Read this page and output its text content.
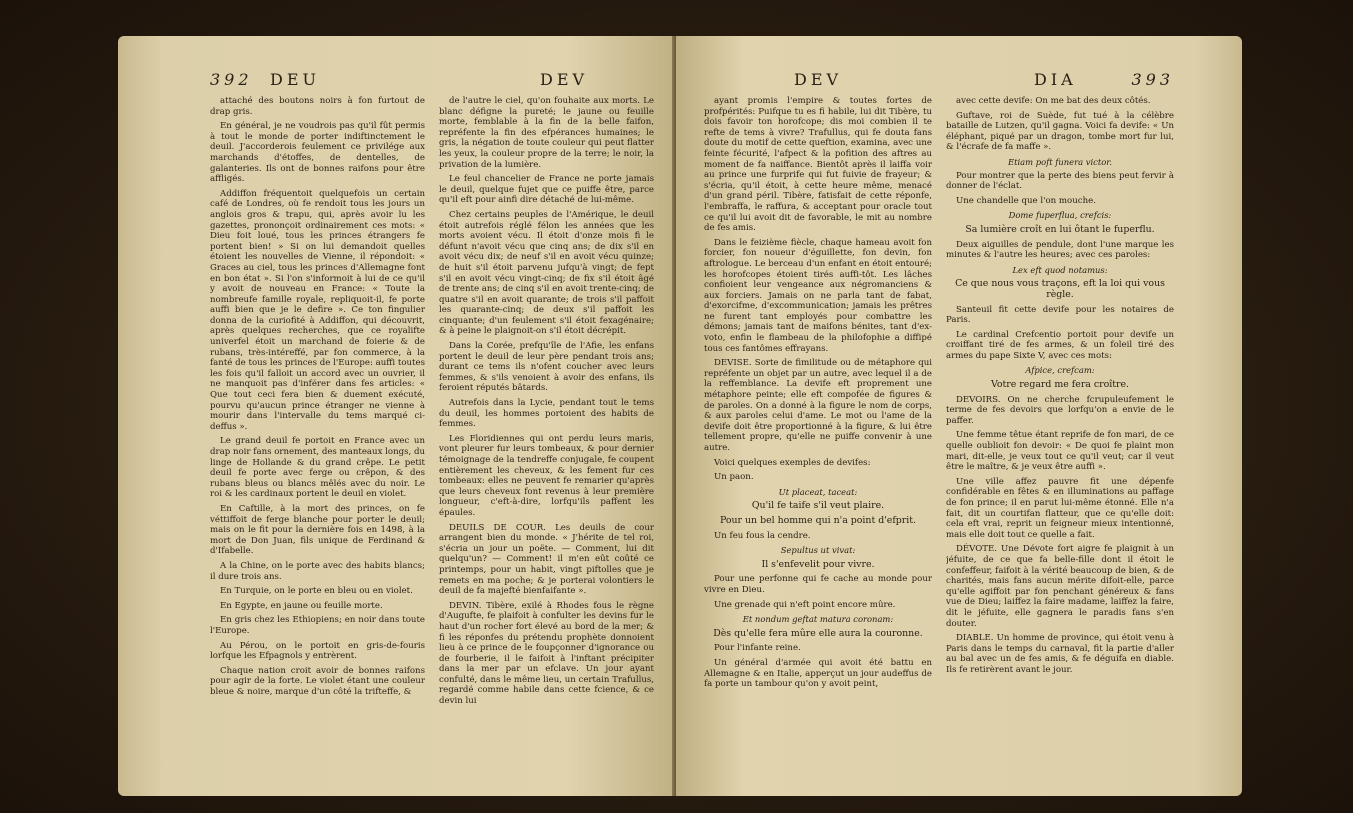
392 DEU	DEV

attaché des boutons noirs à fon furtout de drap gris.

En général, je ne voudrois pas qu'il fût permis à tout le monde de porter indiftinctement le deuil. J'accorderois feulement ce privilége aux marchands d'étoffes, de dentelles, de galanteries. Ils ont de bonnes raifons pour être affligés.

Addiffon fréquentoit quelquefois un certain café de Londres, où fe rendoit tous les jours un anglois gros & trapu, qui, après avoir lu les gazettes, prononçoit ordinairement ces mots: « Dieu foit loué, tous les princes étrangers fe portent bien! » Si on lui demandoit quelles étoient les nouvelles de Vienne, il répondoit: « Graces au ciel, tous les princes d'Allemagne font en bon état ». Si l'on s'informoit à lui de ce qu'il y avoit de nouveau en France: « Toute la nombreufe famille royale, repliquoit-il, fe porte auffi bien que je le defire ». Ce ton fingulier donna de la curiofité à Addiffon, qui découvrit, après quelques recherches, que ce royalifte univerfel étoit un marchand de foierie & de rubans, très-intéreffé, par fon commerce, à la fanté de tous les princes de l'Europe: auffi toutes les fois qu'il falloit un accord avec un ouvrier, il ne manquoit pas d'inférer dans fes articles: « Que tout ceci fera bien & duement exécuté, pourvu qu'aucun prince étranger ne vienne à mourir dans l'intervalle du tems marqué ci-deffus ».

Le grand deuil fe portoit en France avec un drap noir fans ornement, des manteaux longs, du linge de Hollande & du grand crêpe. Le petit deuil fe porte avec ferge ou crêpon, & des rubans bleus ou blancs mêlés avec du noir. Le roi & les cardinaux portent le deuil en violet.

En Caftille, à la mort des princes, on fe véttiffoit de ferge blanche pour porter le deuil; mais on le fit pour la dernière fois en 1498, à la mort de Don Juan, fils unique de Ferdinand & d'Ifabelle.

A la Chine, on le porte avec des habits blancs; il dure trois ans.

En Turquie, on le porte en bleu ou en violet.

En Egypte, en jaune ou feuille morte.

En gris chez les Ethiopiens; en noir dans toute l'Europe.

Au Pérou, on le portoit en gris-de-fouris lorfque les Efpagnols y entrèrent.

Chaque nation croit avoir de bonnes raifons pour agir de la forte. Le violet étant une couleur bleue & noire, marque d'un côté la trifteffe, &

de l'autre le ciel, qu'on fouhaite aux morts. Le blanc défigne la pureté; le jaune ou feuille morte, femblable à la fin de la belle faifon, repréfente la fin des efpérances humaines; le gris, la négation de toute couleur qui peut flatter les yeux, la couleur propre de la terre; le noir, la privation de la lumière.

Le feul chancelier de France ne porte jamais le deuil, quelque fujet que ce puiffe être, parce qu'il eft pour ainfi dire détaché de lui-même.

Chez certains peuples de l'Amérique, le deuil étoit autrefois réglé félon les années que les morts avoient vécu. Il étoit d'onze mois fi le défunt n'avoit vécu que cinq ans; de dix s'il en avoit vécu dix; de neuf s'il en avoit vécu quinze; de huit s'il étoit parvenu jufqu'à vingt; de fept s'il en avoit vécu vingt-cinq; de fix s'il étoit âgé de trente ans; de cinq s'il en avoit trente-cinq; de quatre s'il en avoit quarante; de trois s'il paffoit les quarante-cinq; de deux s'il paffoit les cinquante; d'un feulement s'il étoit fexagénaire; & à peine le plaignoit-on s'il étoit décrépit.

Dans la Corée, prefqu'île de l'Afie, les enfans portent le deuil de leur père pendant trois ans; durant ce tems ils n'ofent coucher avec leurs femmes, & s'ils venoient à avoir des enfans, ils feroient réputés bâtards.

Autrefois dans la Lycie, pendant tout le tems du deuil, les hommes portoient des habits de femmes.

Les Floridiennes qui ont perdu leurs maris, vont pleurer fur leurs tombeaux, & pour dernier témoignage de la tendreffe conjugale, fe coupent entièrement les cheveux, & les fement fur ces tombeaux: elles ne peuvent fe remarier qu'après que leurs cheveux font revenus à leur première longueur, c'eft-à-dire, lorfqu'ils paffent les épaules.

DEUILS DE COUR. Les deuils de cour arrangent bien du monde. « J'hérite de tel roi, s'écria un jour un poëte. — Comment, lui dit quelqu'un? — Comment! il m'en eût coûté ce printemps, pour un habit, vingt piftolles que je remets en ma poche; & je porterai volontiers le deuil de fa majefté bienfaifante ».

DEVIN. Tibère, exilé à Rhodes fous le règne d'Augufte, fe plaifoit à confulter les devins fur le haut d'un rocher fort élevé au bord de la mer; & fi les réponfes du prétendu prophète donnoient lieu à ce prince de le foupçonner d'ignorance ou de fourberie, il le faifoit à l'inftant précipiter dans la mer par un efclave. Un jour ayant confulté, dans le même lieu, un certain Trafullus, regardé comme habile dans cette fcience, & ce devin lui

DEV	DIA	393

ayant promis l'empire & toutes fortes de profpérités: Puifque tu es fi habile, lui dit Tibère, tu dois favoir ton horofcope; dis moi combien il te refte de tems à vivre? Trafullus, qui fe douta fans doute du motif de cette queftion, examina, avec une feinte fécurité, l'afpect & la pofition des aftres au moment de fa naiffance. Bientôt après il laiffa voir au prince une furprife qui fut fuivie de frayeur; & s'écria, qu'il étoit, à cette heure même, menacé d'un grand péril. Tibère, fatisfait de cette réponfe, l'embraffa, le raffura, & acceptant pour oracle tout ce qu'il lui avoit dit de favorable, le mit au nombre de fes amis.

Dans le feizième fiècle, chaque hameau avoit fon forcier, fon noueur d'éguillette, fon devin, fon aftrologue. Le berceau d'un enfant en étoit entouré; les horofcopes étoient tirés auffi-tôt. Les lâches confioient leur vengeance aux négromanciens & aux forciers. Jamais on ne parla tant de fabat, d'exorcifme, d'excommunication; jamais les prêtres ne furent tant employés pour combattre les démons; jamais tant de maifons bénites, tant d'ex-voto, enfin le flambeau de la philofophie a diffipé tous ces fantômes effrayans.

DEVISE. Sorte de fimilitude ou de métaphore qui repréfente un objet par un autre, avec lequel il a de la reffemblance. La devife eft proprement une métaphore peinte; elle eft compofée de figures & de paroles. On a donné à la figure le nom de corps, & aux paroles celui d'ame. Le mot ou l'ame de la devife doit être proportionné à la figure, & lui être tellement propre, qu'elle ne puiffe convenir à une autre.

Voici quelques exemples de devifes:

Un paon.

Ut placeat, taceat:

Qu'il fe taife s'il veut plaire.

Pour un bel homme qui n'a point d'efprit.

Un feu fous la cendre.

Sepultus ut vivat:

Il s'enfevelit pour vivre.

Pour une perfonne qui fe cache au monde pour vivre en Dieu.

Une grenade qui n'eft point encore mûre.

Et nondum geftat matura coronam:

Dès qu'elle fera mûre elle aura la couronne.

Pour l'infante reine.

Un général d'armée qui avoit été battu en Allemagne & en Italie, apperçut un jour audeffus de fa porte un tambour qu'on y avoit peint,

avec cette devife: On me bat des deux côtés.

Guftave, roi de Suède, fut tué à la célèbre bataille de Lutzen, qu'il gagna. Voici fa devife: « Un éléphant, piqué par un dragon, tombe mort fur lui, & l'écrafe de fa maffe ».

Etiam poft funera victor.

Pour montrer que la perte des biens peut fervir à donner de l'éclat.

Une chandelle que l'on mouche.

Dome fuperflua, crefcis:

Sa lumière croît en lui ôtant le fuperflu.

Deux aiguilles de pendule, dont l'une marque les minutes & l'autre les heures; avec ces paroles:

Lex eft quod notamus:

Ce que nous vous traçons, eft la loi qui vous règle.

Santeuil fit cette devife pour les notaires de Paris.

Le cardinal Crefcentio portoit pour devife un croiffant tiré de fes armes, & un foleil tiré des armes du pape Sixte V, avec ces mots:

Afpice, crefcam:

Votre regard me fera croître.

DEVOIRS. On ne cherche fcrupuleufement le terme de fes devoirs que lorfqu'on a envie de le paffer.

Une femme têtue étant reprife de fon mari, de ce quelle oublioit fon devoir: « De quoi fe plaint mon mari, dit-elle, je veux tout ce qu'il veut; car il veut être le maître, & je veux être auffi ».

Une ville affez pauvre fit une dépenfe confidérable en fêtes & en illuminations au paffage de fon prince; il en parut lui-même étonné. Elle n'a fait, dit un courtifan flatteur, que ce qu'elle doit: cela eft vrai, reprit un feigneur mieux intentionné, mais elle doit tout ce quelle a fait.

DÉVOTE. Une Dévote fort aigre fe plaignit à un jéfuite, de ce que fa belle-fille dont il étoit le confeffeur, faifoit à la vérité beaucoup de bien, & de charités, mais fans aucun mérite difoit-elle, parce qu'elle agiffoit par fon penchant généreux & fans vue de Dieu; laiffez la faire madame, laiffez la faire, dit le jéfuite, elle gagnera le paradis fans s'en douter.

DIABLE. Un homme de province, qui étoit venu à Paris dans le temps du carnaval, fit la partie d'aller au bal avec un de fes amis, & fe déguifa en diable. Ils fe retirèrent avant le jour.
